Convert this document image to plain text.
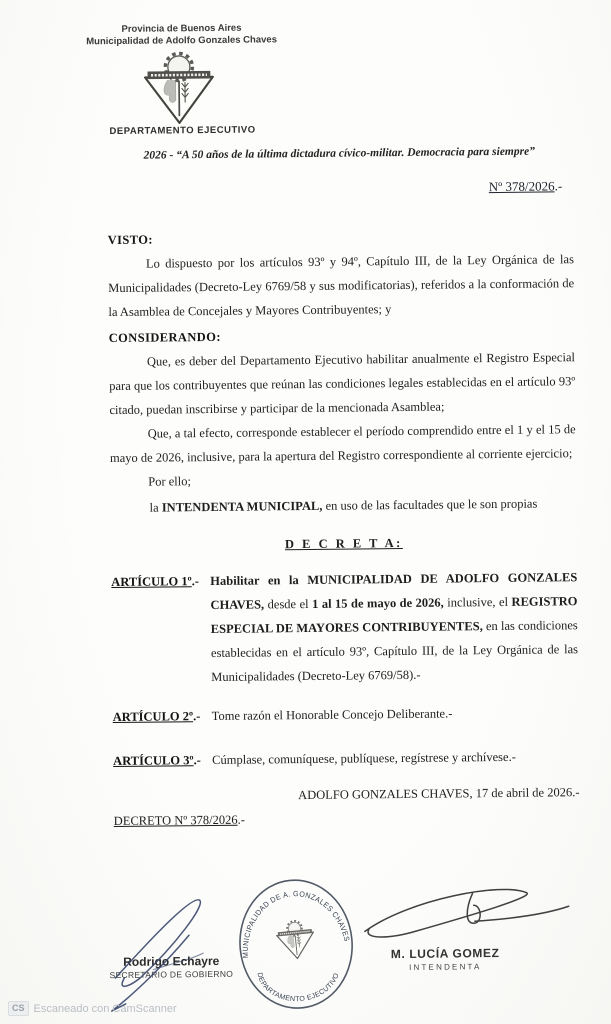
Provincia de Buenos Aires
Municipalidad de Adolfo Gonzales Chaves
DEPARTAMENTO EJECUTIVO
2026 - “A 50 años de la última dictadura cívico-militar. Democracia para siempre”
Nº 378/2026.-

VISTO:

Lo dispuesto por los artículos 93º y 94º, Capítulo III, de la Ley Orgánica de las Municipalidades (Decreto-Ley 6769/58 y sus modificatorias), referidos a la conformación de la Asamblea de Concejales y Mayores Contribuyentes; y

CONSIDERANDO:

Que, es deber del Departamento Ejecutivo habilitar anualmente el Registro Especial para que los contribuyentes que reúnan las condiciones legales establecidas en el artículo 93º citado, puedan inscribirse y participar de la mencionada Asamblea;

Que, a tal efecto, corresponde establecer el período comprendido entre el 1 y el 15 de mayo de 2026, inclusive, para la apertura del Registro correspondiente al corriente ejercicio;

Por ello;

la INTENDENTA MUNICIPAL, en uso de las facultades que le son propias

D E C R E T A:

ARTÍCULO 1º.- Habilitar en la MUNICIPALIDAD DE ADOLFO GONZALES CHAVES, desde el 1 al 15 de mayo de 2026, inclusive, el REGISTRO ESPECIAL DE MAYORES CONTRIBUYENTES, en las condiciones establecidas en el artículo 93º, Capítulo III, de la Ley Orgánica de las Municipalidades (Decreto-Ley 6769/58).-

ARTÍCULO 2º.- Tome razón el Honorable Concejo Deliberante.-

ARTÍCULO 3º.- Cúmplase, comuníquese, publíquese, regístrese y archívese.-

ADOLFO GONZALES CHAVES, 17 de abril de 2026.-

DECRETO Nº 378/2026.-

Rodrigo Echayre
SECRETARIO DE GOBIERNO
MUNICIPALIDAD DE A. GONZALES CHAVES
DEPARTAMENTO EJECUTIVO
M. LUCÍA GOMEZ
INTENDENTA
CS Escaneado con CamScanner
